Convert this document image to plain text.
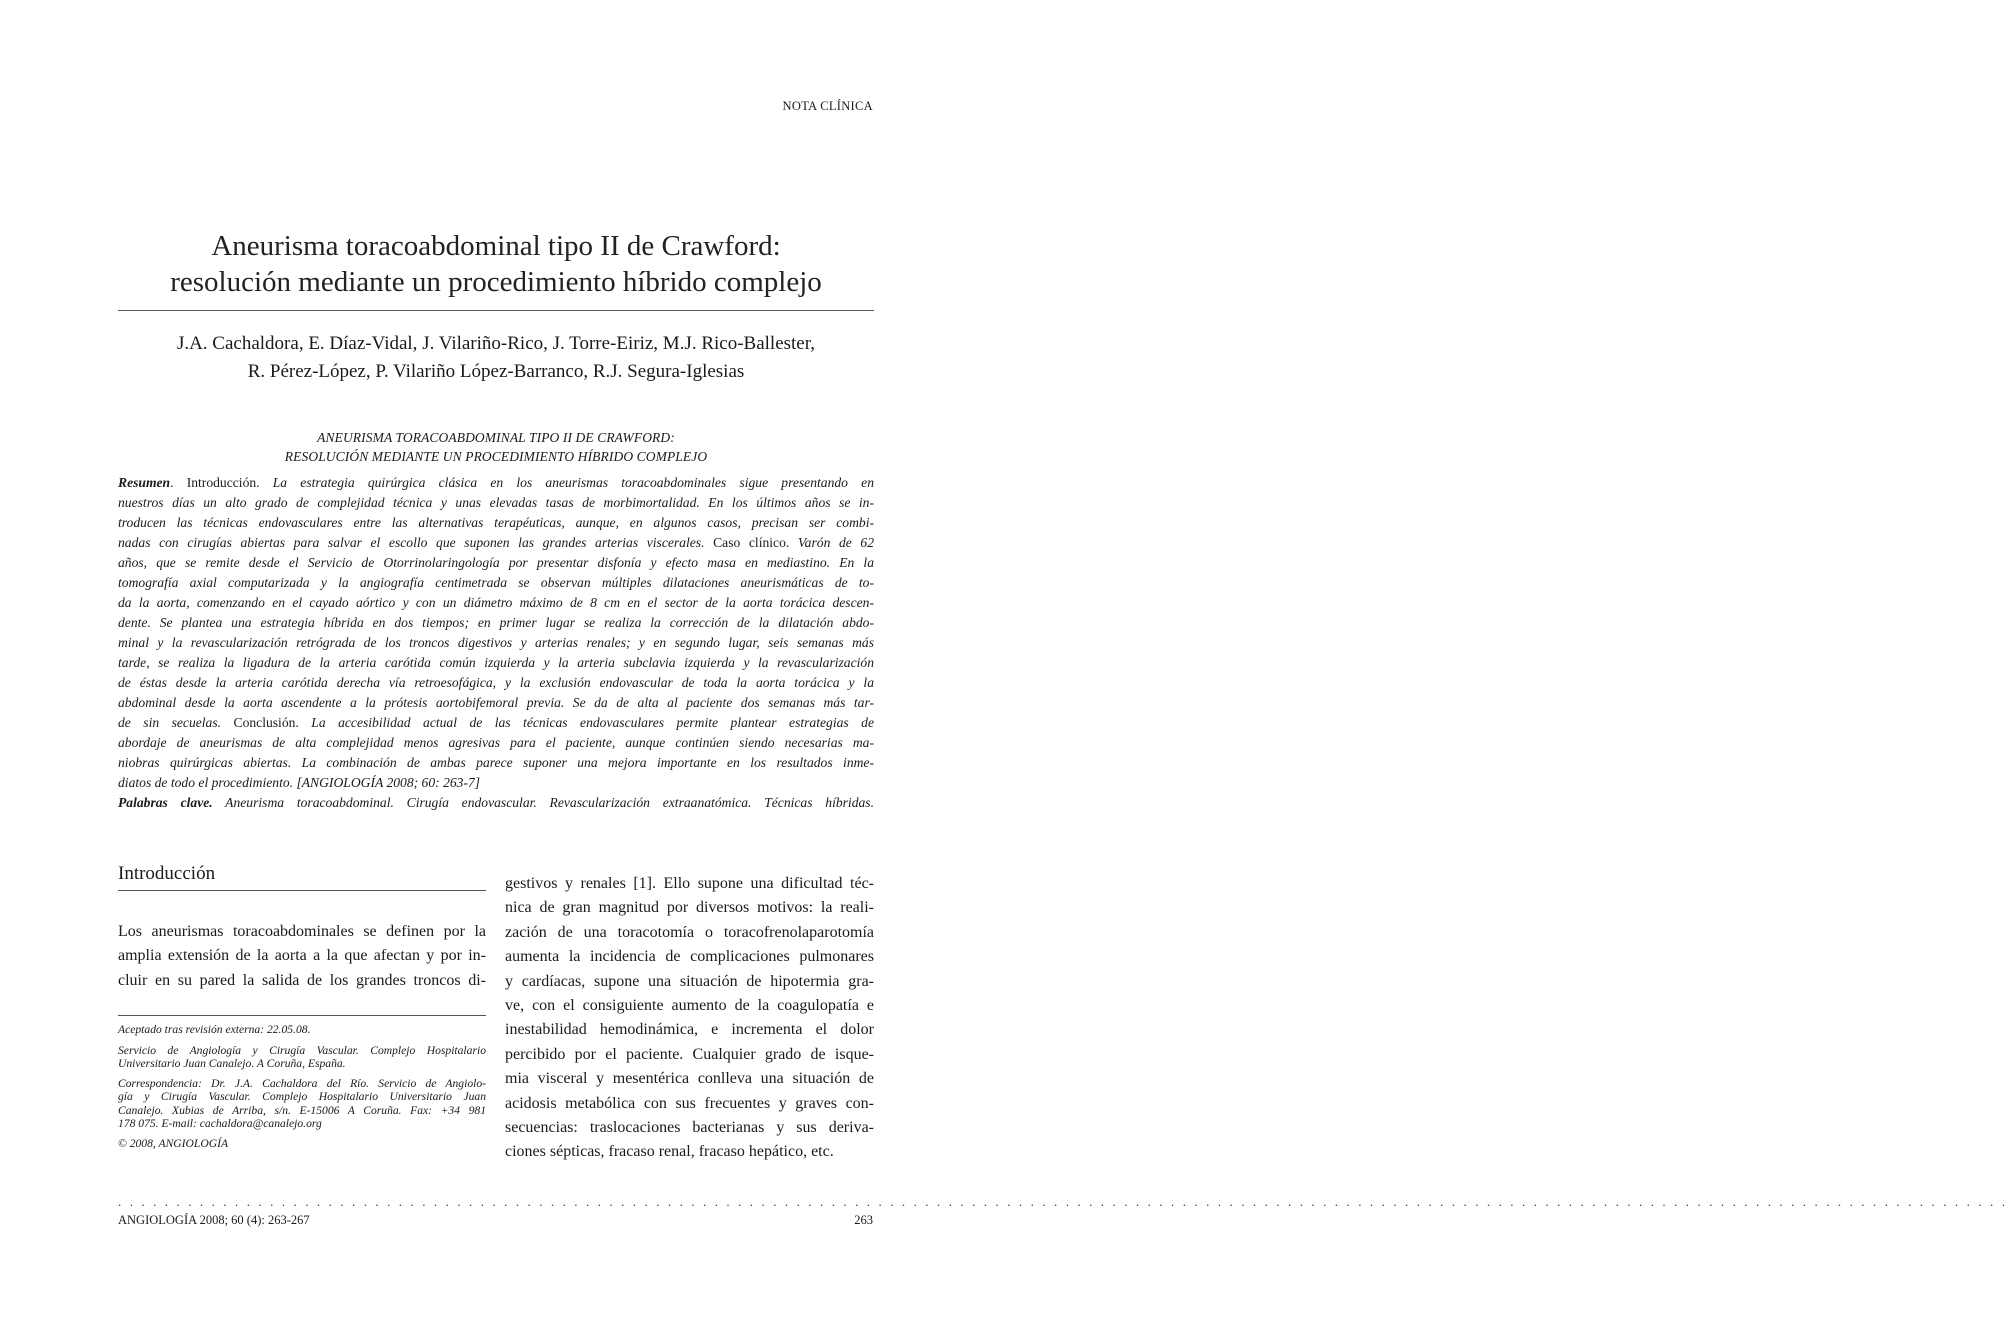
NOTA CLÍNICA
Aneurisma toracoabdominal tipo II de Crawford:
resolución mediante un procedimiento híbrido complejo
J.A. Cachaldora, E. Díaz-Vidal, J. Vilariño-Rico, J. Torre-Eiriz, M.J. Rico-Ballester,
R. Pérez-López, P. Vilariño López-Barranco, R.J. Segura-Iglesias
ANEURISMA TORACOABDOMINAL TIPO II DE CRAWFORD:
RESOLUCIÓN MEDIANTE UN PROCEDIMIENTO HÍBRIDO COMPLEJO
Resumen. Introducción. La estrategia quirúrgica clásica en los aneurismas toracoabdominales sigue presentando en
nuestros días un alto grado de complejidad técnica y unas elevadas tasas de morbimortalidad. En los últimos años se in-
troducen las técnicas endovasculares entre las alternativas terapéuticas, aunque, en algunos casos, precisan ser combi-
nadas con cirugías abiertas para salvar el escollo que suponen las grandes arterias viscerales. Caso clínico. Varón de 62
años, que se remite desde el Servicio de Otorrinolaringología por presentar disfonía y efecto masa en mediastino. En la
tomografía axial computarizada y la angiografía centimetrada se observan múltiples dilataciones aneurismáticas de to-
da la aorta, comenzando en el cayado aórtico y con un diámetro máximo de 8 cm en el sector de la aorta torácica descen-
dente. Se plantea una estrategia híbrida en dos tiempos; en primer lugar se realiza la corrección de la dilatación abdo-
minal y la revascularización retrógrada de los troncos digestivos y arterias renales; y en segundo lugar, seis semanas más
tarde, se realiza la ligadura de la arteria carótida común izquierda y la arteria subclavia izquierda y la revascularización
de éstas desde la arteria carótida derecha vía retroesofágica, y la exclusión endovascular de toda la aorta torácica y la
abdominal desde la aorta ascendente a la prótesis aortobifemoral previa. Se da de alta al paciente dos semanas más tar-
de sin secuelas. Conclusión. La accesibilidad actual de las técnicas endovasculares permite plantear estrategias de
abordaje de aneurismas de alta complejidad menos agresivas para el paciente, aunque continúen siendo necesarias ma-
niobras quirúrgicas abiertas. La combinación de ambas parece suponer una mejora importante en los resultados inme-
diatos de todo el procedimiento. [ANGIOLOGÍA 2008; 60: 263-7]
Palabras clave. Aneurisma toracoabdominal. Cirugía endovascular. Revascularización extraanatómica. Técnicas híbridas.
Introducción
Los aneurismas toracoabdominales se definen por la
amplia extensión de la aorta a la que afectan y por in-
cluir en su pared la salida de los grandes troncos di-
Aceptado tras revisión externa: 22.05.08.
Servicio de Angiología y Cirugía Vascular. Complejo Hospitalario
Universitario Juan Canalejo. A Coruña, España.
Correspondencia: Dr. J.A. Cachaldora del Río. Servicio de Angiolo-
gía y Cirugía Vascular. Complejo Hospitalario Universitario Juan
Canalejo. Xubias de Arriba, s/n. E-15006 A Coruña. Fax: +34 981
178 075. E-mail: cachaldora@canalejo.org
© 2008, ANGIOLOGÍA
gestivos y renales [1]. Ello supone una dificultad téc-
nica de gran magnitud por diversos motivos: la reali-
zación de una toracotomía o toracofrenolaparotomía
aumenta la incidencia de complicaciones pulmonares
y cardíacas, supone una situación de hipotermia gra-
ve, con el consiguiente aumento de la coagulopatía e
inestabilidad hemodinámica, e incrementa el dolor
percibido por el paciente. Cualquier grado de isque-
mia visceral y mesentérica conlleva una situación de
acidosis metabólica con sus frecuentes y graves con-
secuencias: traslocaciones bacterianas y sus deriva-
ciones sépticas, fracaso renal, fracaso hepático, etc.
. . . . . . . . . . . . . . . . . . . . . . . . . . . . . . . . . . . . . . . . . . . . . . . . . . . . . . . . . . . . . . . . . . . . . . . . . . . . . . . . . . . . . . . . . . . . . . . . . . . . . . . . . . . . . . . . . . . . . . . . . . . . . . . . . . . . . . . . . . . . . . . . . . . . . . . . . . . . . . . . . .
ANGIOLOGÍA 2008; 60 (4): 263-267	263
